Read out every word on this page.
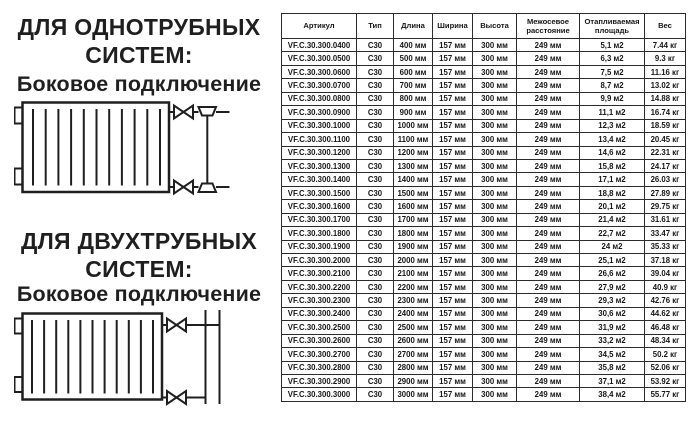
ДЛЯ ОДНОТРУБНЫХ СИСТЕМ:
Боковое подключение
ДЛЯ ДВУХТРУБНЫХ СИСТЕМ:
Боковое подключение
Артикул	Тип	Длина	Ширина	Высота	Межосевое расстояние	Отапливаемая площадь	Вес
VF.C.30.300.0400	C30	400 мм	157 мм	300 мм	249 мм	5,1 м2	7.44 кг
VF.C.30.300.0500	C30	500 мм	157 мм	300 мм	249 мм	6,3 м2	9.3 кг
VF.C.30.300.0600	C30	600 мм	157 мм	300 мм	249 мм	7,5 м2	11.16 кг
VF.C.30.300.0700	C30	700 мм	157 мм	300 мм	249 мм	8,7 м2	13.02 кг
VF.C.30.300.0800	C30	800 мм	157 мм	300 мм	249 мм	9,9 м2	14.88 кг
VF.C.30.300.0900	C30	900 мм	157 мм	300 мм	249 мм	11,1 м2	16.74 кг
VF.C.30.300.1000	C30	1000 мм	157 мм	300 мм	249 мм	12,3 м2	18.59 кг
VF.C.30.300.1100	C30	1100 мм	157 мм	300 мм	249 мм	13,4 м2	20.45 кг
VF.C.30.300.1200	C30	1200 мм	157 мм	300 мм	249 мм	14,6 м2	22.31 кг
VF.C.30.300.1300	C30	1300 мм	157 мм	300 мм	249 мм	15,8 м2	24.17 кг
VF.C.30.300.1400	C30	1400 мм	157 мм	300 мм	249 мм	17,1 м2	26.03 кг
VF.C.30.300.1500	C30	1500 мм	157 мм	300 мм	249 мм	18,8 м2	27.89 кг
VF.C.30.300.1600	C30	1600 мм	157 мм	300 мм	249 мм	20,1 м2	29.75 кг
VF.C.30.300.1700	C30	1700 мм	157 мм	300 мм	249 мм	21,4 м2	31.61 кг
VF.C.30.300.1800	C30	1800 мм	157 мм	300 мм	249 мм	22,7 м2	33.47 кг
VF.C.30.300.1900	C30	1900 мм	157 мм	300 мм	249 мм	24 м2	35.33 кг
VF.C.30.300.2000	C30	2000 мм	157 мм	300 мм	249 мм	25,1 м2	37.18 кг
VF.C.30.300.2100	C30	2100 мм	157 мм	300 мм	249 мм	26,6 м2	39.04 кг
VF.C.30.300.2200	C30	2200 мм	157 мм	300 мм	249 мм	27,9 м2	40.9 кг
VF.C.30.300.2300	C30	2300 мм	157 мм	300 мм	249 мм	29,3 м2	42.76 кг
VF.C.30.300.2400	C30	2400 мм	157 мм	300 мм	249 мм	30,6 м2	44.62 кг
VF.C.30.300.2500	C30	2500 мм	157 мм	300 мм	249 мм	31,9 м2	46.48 кг
VF.C.30.300.2600	C30	2600 мм	157 мм	300 мм	249 мм	33,2 м2	48.34 кг
VF.C.30.300.2700	C30	2700 мм	157 мм	300 мм	249 мм	34,5 м2	50.2 кг
VF.C.30.300.2800	C30	2800 мм	157 мм	300 мм	249 мм	35,8 м2	52.06 кг
VF.C.30.300.2900	C30	2900 мм	157 мм	300 мм	249 мм	37,1 м2	53.92 кг
VF.C.30.300.3000	C30	3000 мм	157 мм	300 мм	249 мм	38,4 м2	55.77 кг
